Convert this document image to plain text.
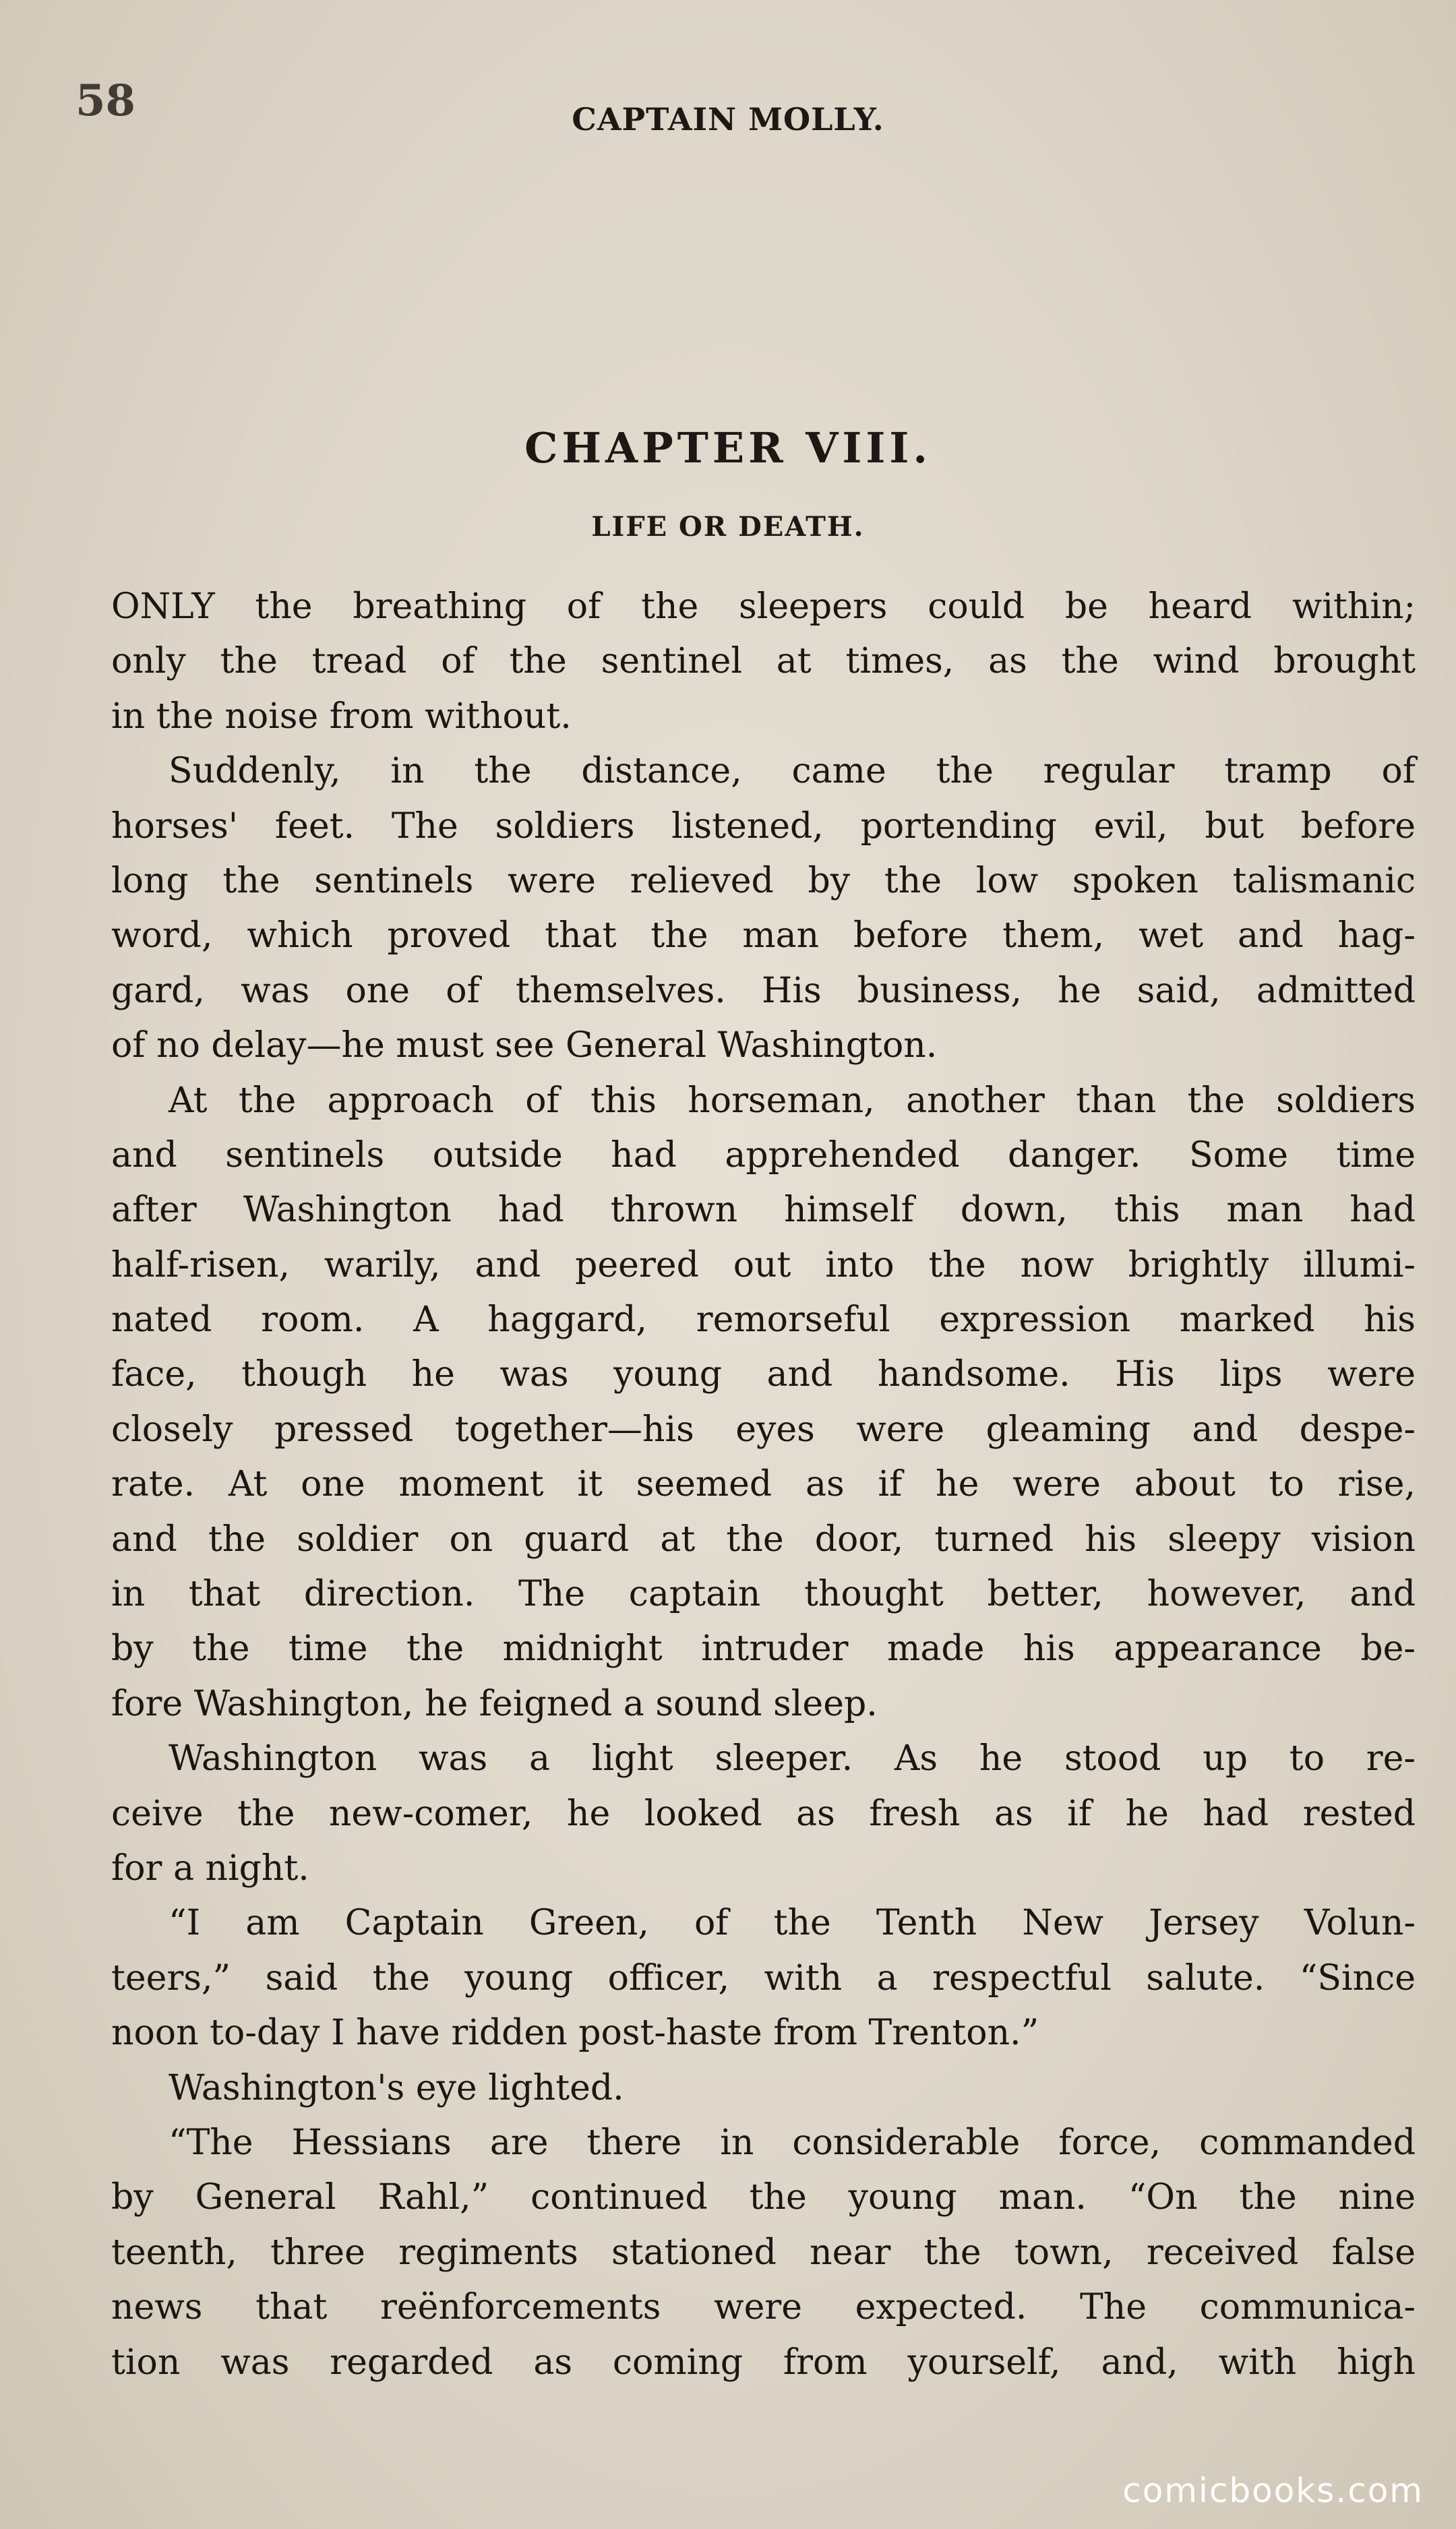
58	CAPTAIN MOLLY.
CHAPTER VIII.
LIFE OR DEATH.
ONLY the breathing of the sleepers could be heard within;
only the tread of the sentinel at times, as the wind brought
in the noise from without.
Suddenly, in the distance, came the regular tramp of
horses' feet. The soldiers listened, portending evil, but before
long the sentinels were relieved by the low spoken talismanic
word, which proved that the man before them, wet and hag-
gard, was one of themselves. His business, he said, admitted
of no delay—he must see General Washington.
At the approach of this horseman, another than the soldiers
and sentinels outside had apprehended danger. Some time
after Washington had thrown himself down, this man had
half-risen, warily, and peered out into the now brightly illumi-
nated room. A haggard, remorseful expression marked his
face, though he was young and handsome. His lips were
closely pressed together—his eyes were gleaming and despe-
rate. At one moment it seemed as if he were about to rise,
and the soldier on guard at the door, turned his sleepy vision
in that direction. The captain thought better, however, and
by the time the midnight intruder made his appearance be-
fore Washington, he feigned a sound sleep.
Washington was a light sleeper. As he stood up to re-
ceive the new-comer, he looked as fresh as if he had rested
for a night.
“I am Captain Green, of the Tenth New Jersey Volun-
teers,” said the young officer, with a respectful salute. “Since
noon to-day I have ridden post-haste from Trenton.”
Washington's eye lighted.
“The Hessians are there in considerable force, commanded
by General Rahl,” continued the young man. “On the nine
teenth, three regiments stationed near the town, received false
news that reënforcements were expected. The communica-
tion was regarded as coming from yourself, and, with high
comicbooks.com
